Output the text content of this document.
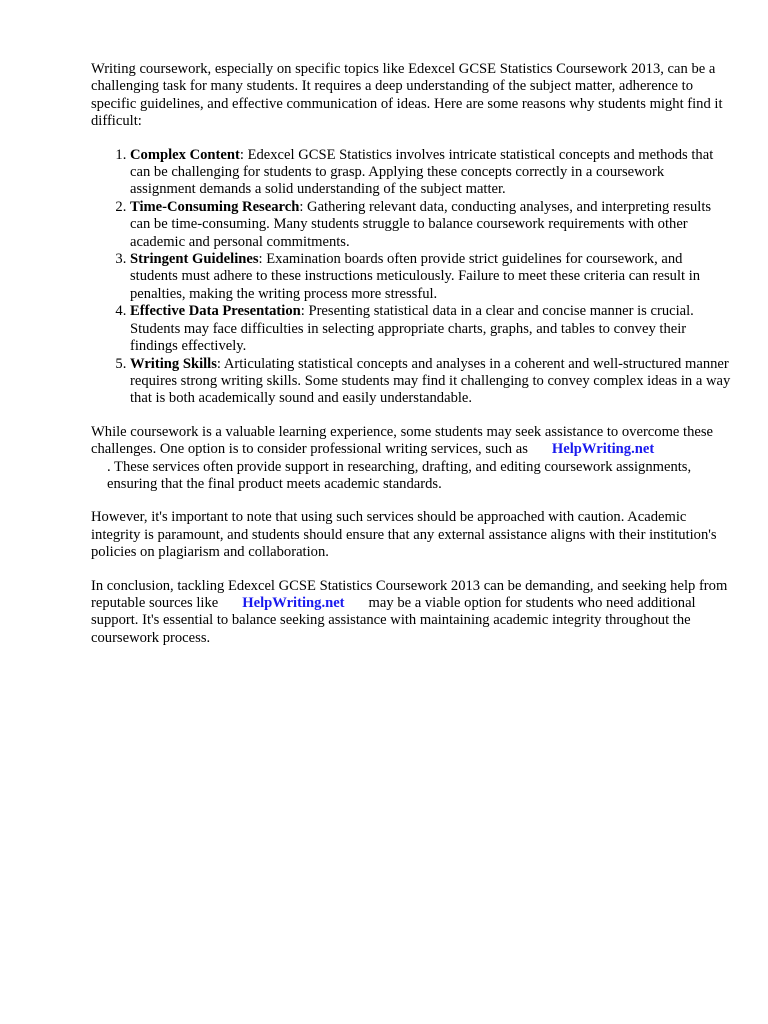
Writing coursework, especially on specific topics like Edexcel GCSE Statistics Coursework 2013, can be a challenging task for many students. It requires a deep understanding of the subject matter, adherence to specific guidelines, and effective communication of ideas. Here are some reasons why students might find it difficult:

1. Complex Content: Edexcel GCSE Statistics involves intricate statistical concepts and methods that can be challenging for students to grasp. Applying these concepts correctly in a coursework assignment demands a solid understanding of the subject matter.
2. Time-Consuming Research: Gathering relevant data, conducting analyses, and interpreting results can be time-consuming. Many students struggle to balance coursework requirements with other academic and personal commitments.
3. Stringent Guidelines: Examination boards often provide strict guidelines for coursework, and students must adhere to these instructions meticulously. Failure to meet these criteria can result in penalties, making the writing process more stressful.
4. Effective Data Presentation: Presenting statistical data in a clear and concise manner is crucial. Students may face difficulties in selecting appropriate charts, graphs, and tables to convey their findings effectively.
5. Writing Skills: Articulating statistical concepts and analyses in a coherent and well-structured manner requires strong writing skills. Some students may find it challenging to convey complex ideas in a way that is both academically sound and easily understandable.

While coursework is a valuable learning experience, some students may seek assistance to overcome these challenges. One option is to consider professional writing services, such as HelpWriting.net
. These services often provide support in researching, drafting, and editing coursework assignments, ensuring that the final product meets academic standards.

However, it's important to note that using such services should be approached with caution. Academic integrity is paramount, and students should ensure that any external assistance aligns with their institution's policies on plagiarism and collaboration.

In conclusion, tackling Edexcel GCSE Statistics Coursework 2013 can be demanding, and seeking help from reputable sources like HelpWriting.net may be a viable option for students who need additional support. It's essential to balance seeking assistance with maintaining academic integrity throughout the coursework process.
